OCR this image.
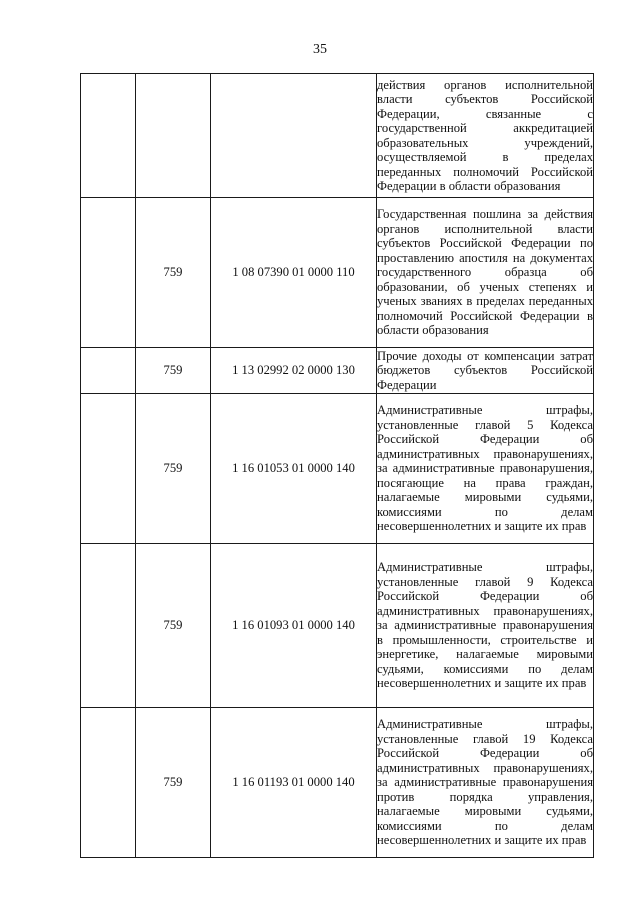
35

			действия органов исполнительной власти субъектов Российской Федерации, связанные с государственной аккредитацией образовательных учреждений, осуществляемой в пределах переданных полномочий Российской Федерации в области образования

	759	1 08 07390 01 0000 110	Государственная пошлина за действия органов исполнительной власти субъектов Российской Федерации по проставлению апостиля на документах государственного образца об образовании, об ученых степенях и ученых званиях в пределах переданных полномочий Российской Федерации в области образования

	759	1 13 02992 02 0000 130	Прочие доходы от компенсации затрат бюджетов субъектов Российской Федерации

	759	1 16 01053 01 0000 140	Административные штрафы, установленные главой 5 Кодекса Российской Федерации об административных правонарушениях, за административные правонарушения, посягающие на права граждан, налагаемые мировыми судьями, комиссиями по делам несовершеннолетних и защите их прав

	759	1 16 01093 01 0000 140	Административные штрафы, установленные главой 9 Кодекса Российской Федерации об административных правонарушениях, за административные правонарушения в промышленности, строительстве и энергетике, налагаемые мировыми судьями, комиссиями по делам несовершеннолетних и защите их прав

	759	1 16 01193 01 0000 140	Административные штрафы, установленные главой 19 Кодекса Российской Федерации об административных правонарушениях, за административные правонарушения против порядка управления, налагаемые мировыми судьями, комиссиями по делам несовершеннолетних и защите их прав
